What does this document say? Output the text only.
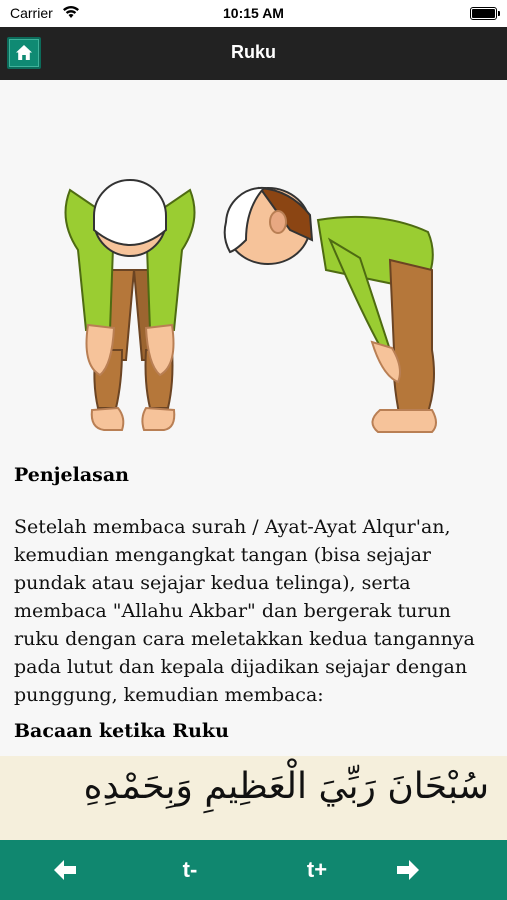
Carrier	10:15 AM
Ruku
Penjelasan
Setelah membaca surah / Ayat-Ayat Alqur'an, kemudian mengangkat tangan (bisa sejajar pundak atau sejajar kedua telinga), serta membaca "Allahu Akbar" dan bergerak turun ruku dengan cara meletakkan kedua tangannya pada lutut dan kepala dijadikan sejajar dengan punggung, kemudian membaca:
Bacaan ketika Ruku
سُبْحَانَ رَبِّيَ الْعَظِيمِ وَبِحَمْدِهِ
t-	t+
